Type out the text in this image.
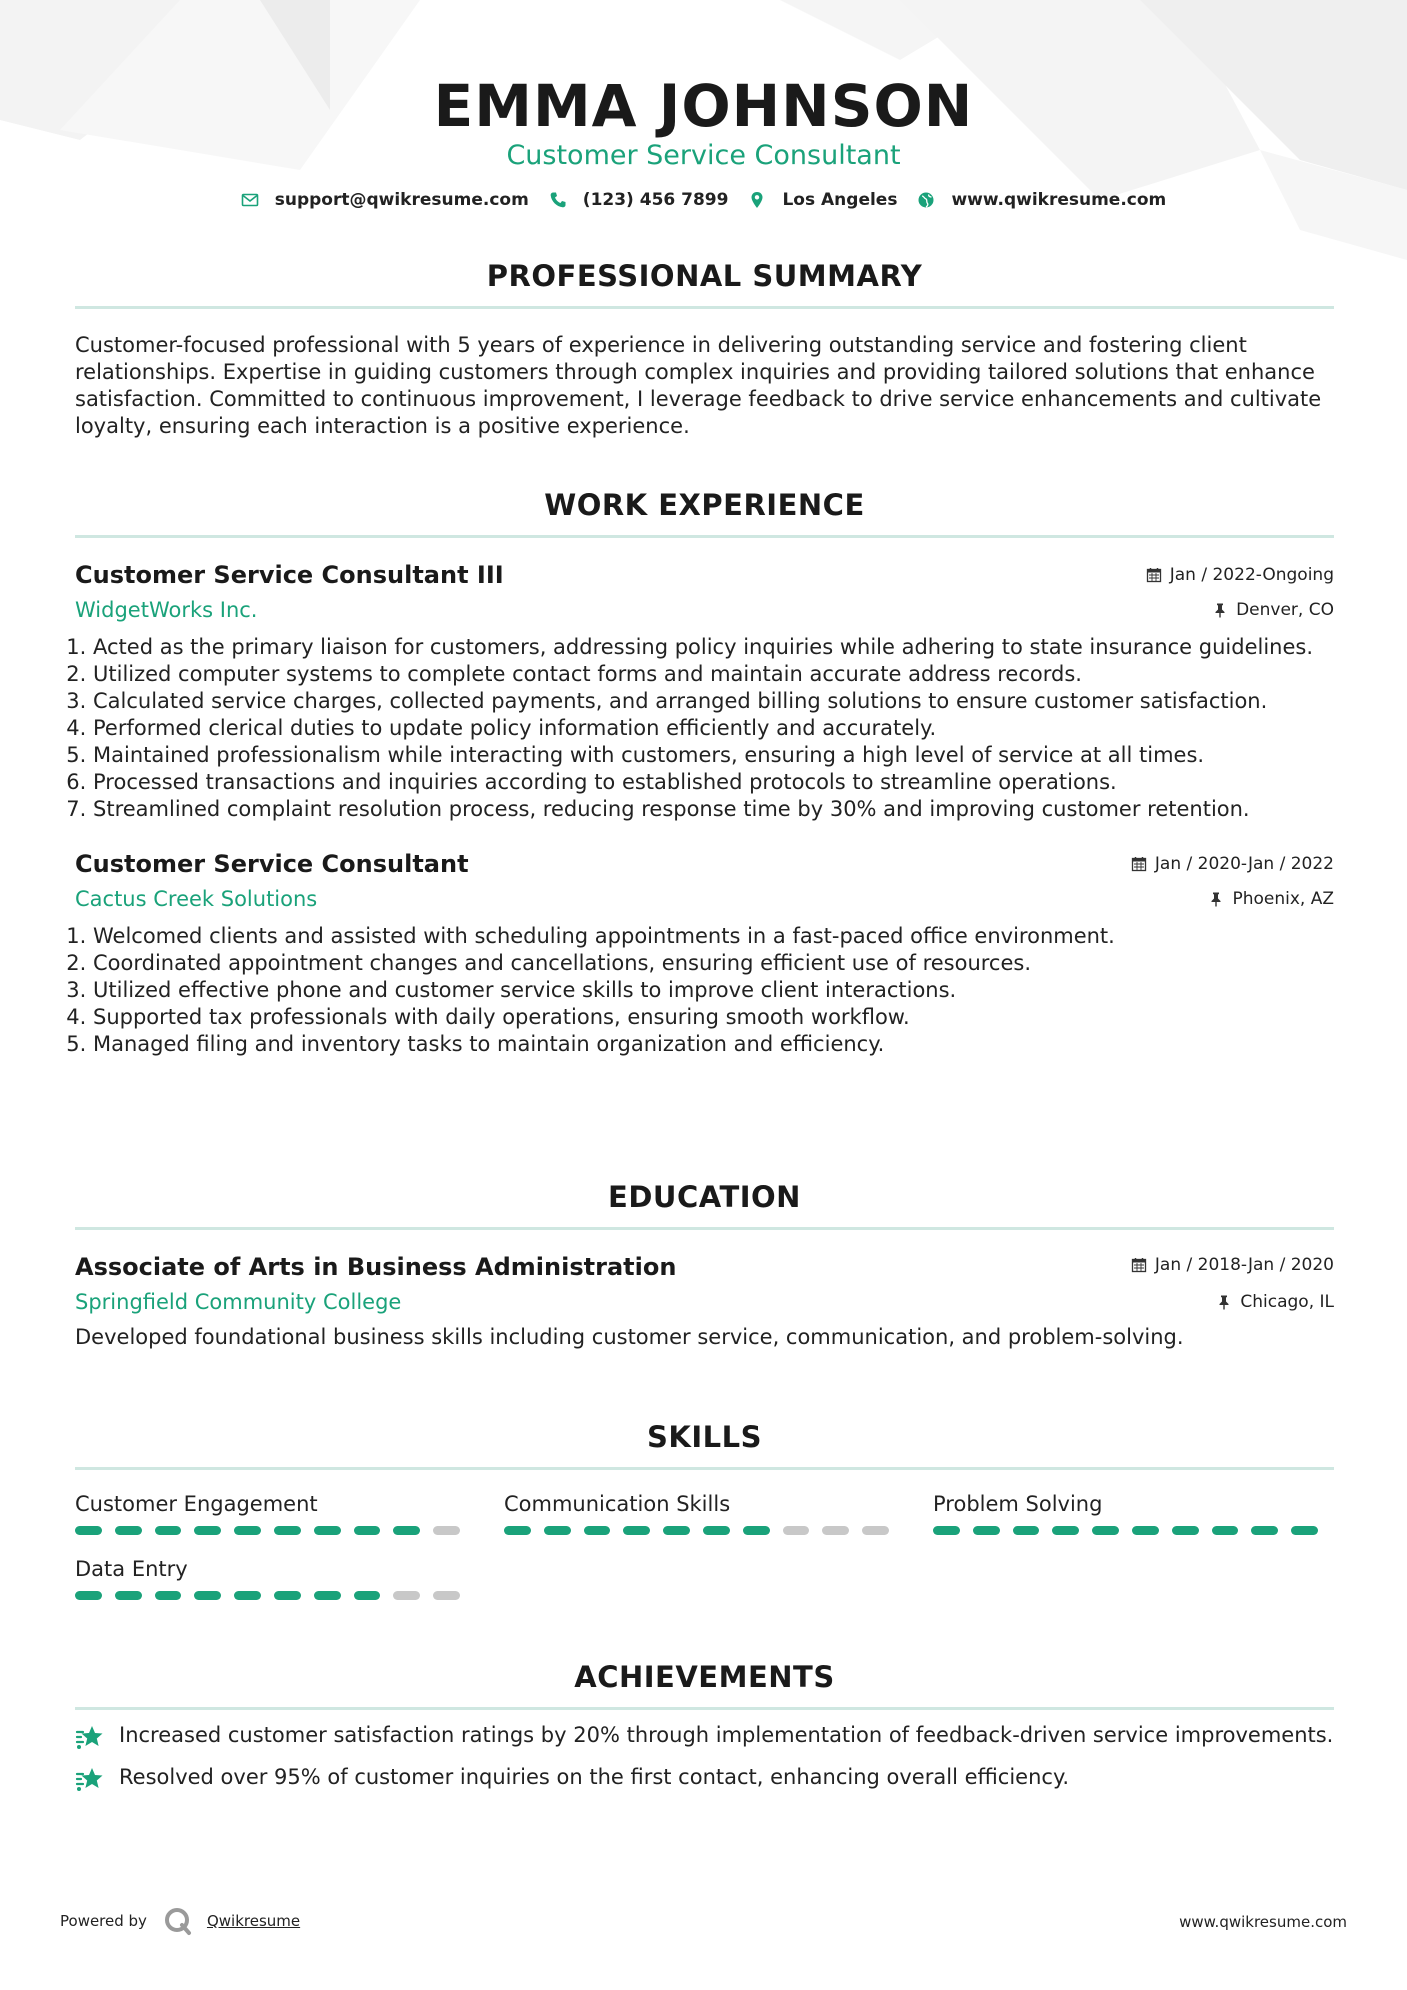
EMMA JOHNSON
Customer Service Consultant
support@qwikresume.com	(123) 456 7899	Los Angeles	www.qwikresume.com
PROFESSIONAL SUMMARY
Customer-focused professional with 5 years of experience in delivering outstanding service and fostering client relationships. Expertise in guiding customers through complex inquiries and providing tailored solutions that enhance satisfaction. Committed to continuous improvement, I leverage feedback to drive service enhancements and cultivate loyalty, ensuring each interaction is a positive experience.
WORK EXPERIENCE
Customer Service Consultant III	Jan / 2022-Ongoing
WidgetWorks Inc.	Denver, CO
1. Acted as the primary liaison for customers, addressing policy inquiries while adhering to state insurance guidelines.
2. Utilized computer systems to complete contact forms and maintain accurate address records.
3. Calculated service charges, collected payments, and arranged billing solutions to ensure customer satisfaction.
4. Performed clerical duties to update policy information efficiently and accurately.
5. Maintained professionalism while interacting with customers, ensuring a high level of service at all times.
6. Processed transactions and inquiries according to established protocols to streamline operations.
7. Streamlined complaint resolution process, reducing response time by 30% and improving customer retention.
Customer Service Consultant	Jan / 2020-Jan / 2022
Cactus Creek Solutions	Phoenix, AZ
1. Welcomed clients and assisted with scheduling appointments in a fast-paced office environment.
2. Coordinated appointment changes and cancellations, ensuring efficient use of resources.
3. Utilized effective phone and customer service skills to improve client interactions.
4. Supported tax professionals with daily operations, ensuring smooth workflow.
5. Managed filing and inventory tasks to maintain organization and efficiency.
EDUCATION
Associate of Arts in Business Administration	Jan / 2018-Jan / 2020
Springfield Community College	Chicago, IL
Developed foundational business skills including customer service, communication, and problem-solving.
SKILLS
Customer Engagement	Communication Skills	Problem Solving
Data Entry
ACHIEVEMENTS
Increased customer satisfaction ratings by 20% through implementation of feedback-driven service improvements.
Resolved over 95% of customer inquiries on the first contact, enhancing overall efficiency.
Powered by	Qwikresume	www.qwikresume.com
